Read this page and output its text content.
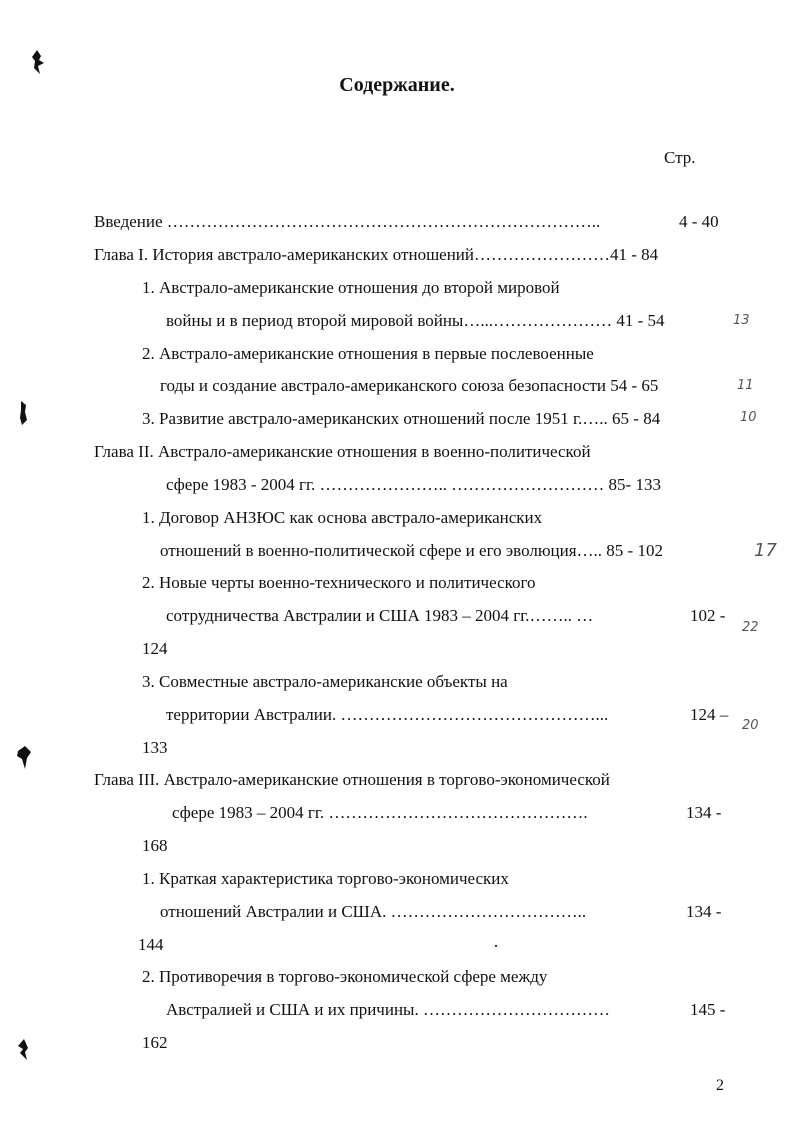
Содержание.
Стр.
Введение …………………………………………………………………..	4 - 40
Глава I. История австрало-американских отношений……………………41 - 84
1. Австрало-американские отношения до второй мировой
войны и в период второй мировой войны…...………………… 41 - 54
2. Австрало-американские отношения в первые послевоенные
годы и создание австрало-американского союза безопасности 54 - 65
3. Развитие австрало-американских отношений после 1951 г.….. 65 - 84
Глава II. Австрало-американские отношения в военно-политической
сфере 1983 - 2004 гг. ………………….. ……………………… 85- 133
1. Договор АНЗЮС как основа австрало-американских
отношений в военно-политической сфере и его эволюция….. 85 - 102
2. Новые черты военно-технического и политического
сотрудничества Австралии и США 1983 – 2004 гг.…….. …	102 -
124
3. Совместные австрало-американские объекты на
территории Австралии. ………………………………………...	124 –
133
Глава III. Австрало-американские отношения в торгово-экономической
сфере 1983 – 2004 гг. ……………………………………….	134 -
168
1. Краткая характеристика торгово-экономических
отношений Австралии и США. ……………………………..	134 -
144
2. Противоречия в торгово-экономической сфере между
Австралией и США и их причины. ……………………………	145 -
162
13
11
10
17
22
20
2
